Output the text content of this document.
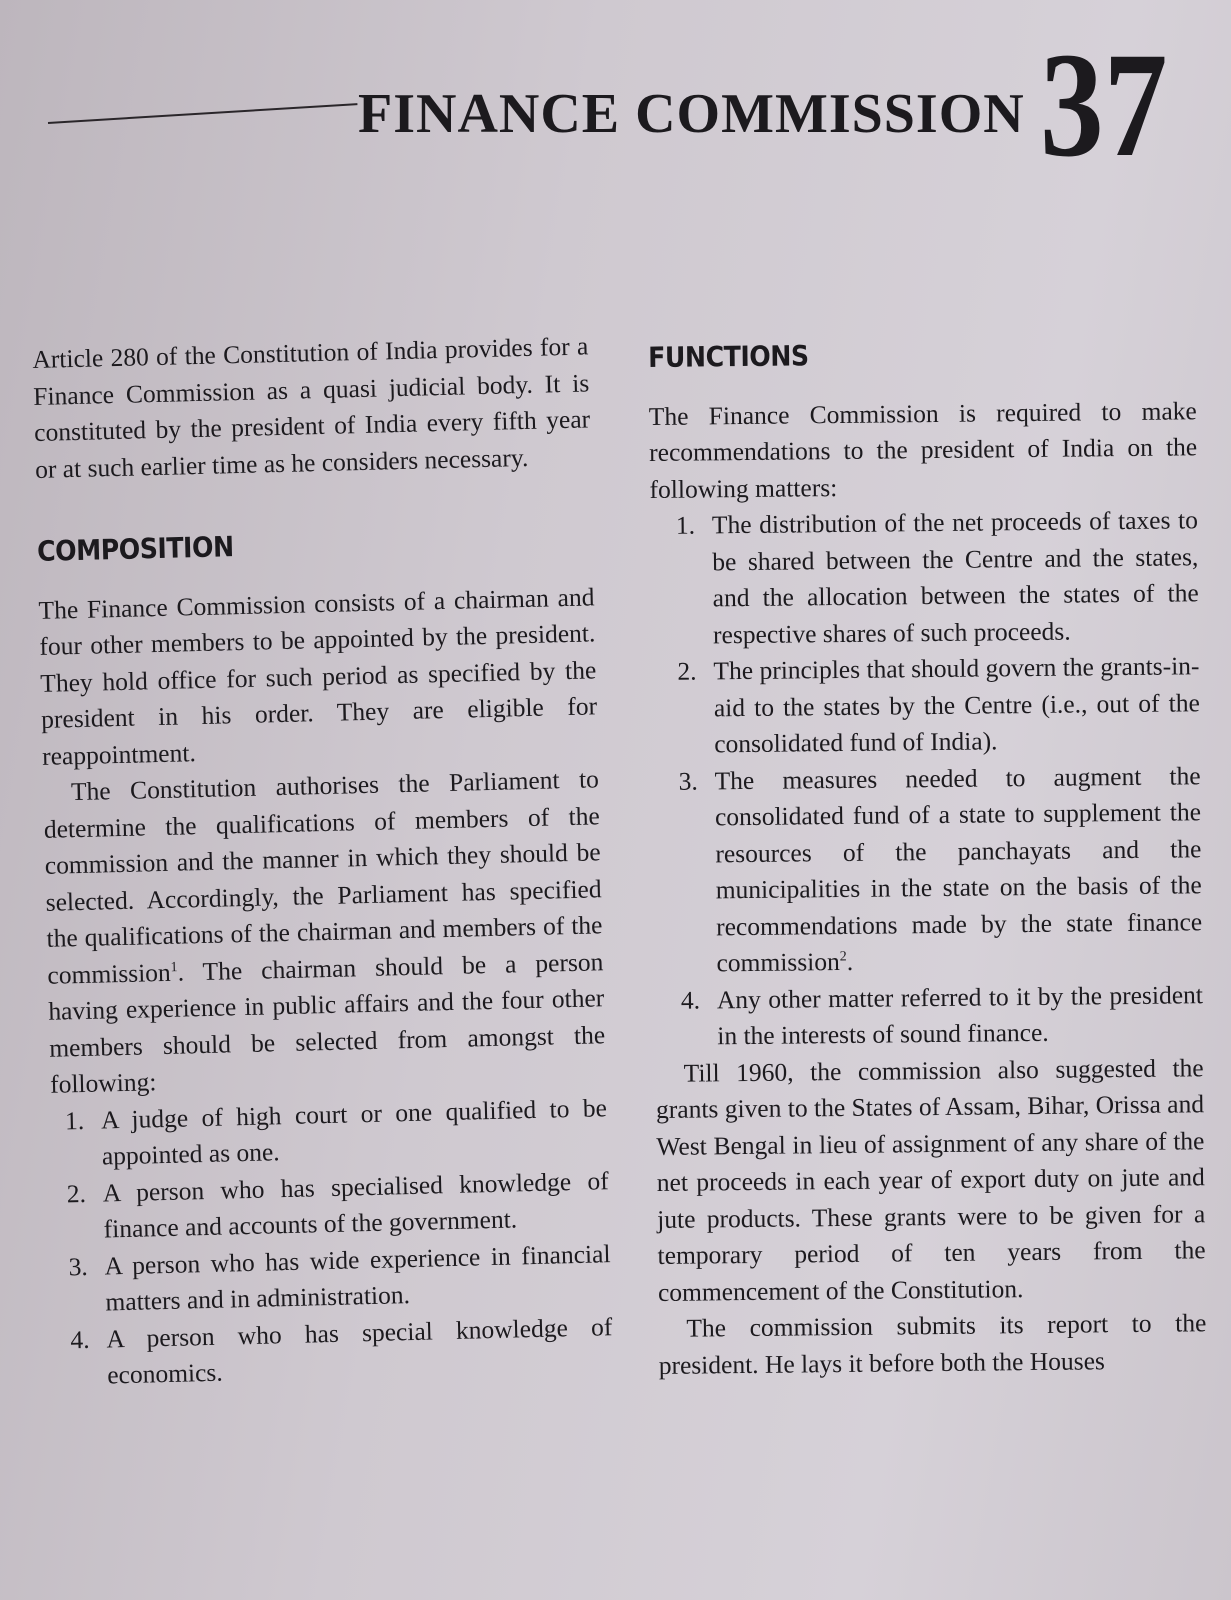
FINANCE COMMISSION 37

Article 280 of the Constitution of India provides for a Finance Commission as a quasi judicial body. It is constituted by the president of India every fifth year or at such earlier time as he considers necessary.

COMPOSITION

The Finance Commission consists of a chairman and four other members to be appointed by the president. They hold office for such period as specified by the president in his order. They are eligible for reappointment.

The Constitution authorises the Parliament to determine the qualifications of members of the commission and the manner in which they should be selected. Accordingly, the Parliament has specified the qualifications of the chairman and members of the commission$^1$. The chairman should be a person having experience in public affairs and the four other members should be selected from amongst the following:

1. A judge of high court or one qualified to be appointed as one.
2. A person who has specialised knowledge of finance and accounts of the government.
3. A person who has wide experience in financial matters and in administration.
4. A person who has special knowledge of economics.
FUNCTIONS

The Finance Commission is required to make recommendations to the president of India on the following matters:

1. The distribution of the net proceeds of taxes to be shared between the Centre and the states, and the allocation between the states of the respective shares of such proceeds.
2. The principles that should govern the grants-in-aid to the states by the Centre (i.e., out of the consolidated fund of India).
3. The measures needed to augment the consolidated fund of a state to supplement the resources of the panchayats and the municipalities in the state on the basis of the recommendations made by the state finance commission$^2$.
4. Any other matter referred to it by the president in the interests of sound finance.

Till 1960, the commission also suggested the grants given to the States of Assam, Bihar, Orissa and West Bengal in lieu of assignment of any share of the net proceeds in each year of export duty on jute and jute products. These grants were to be given for a temporary period of ten years from the commencement of the Constitution.

The commission submits its report to the president. He lays it before both the Houses
